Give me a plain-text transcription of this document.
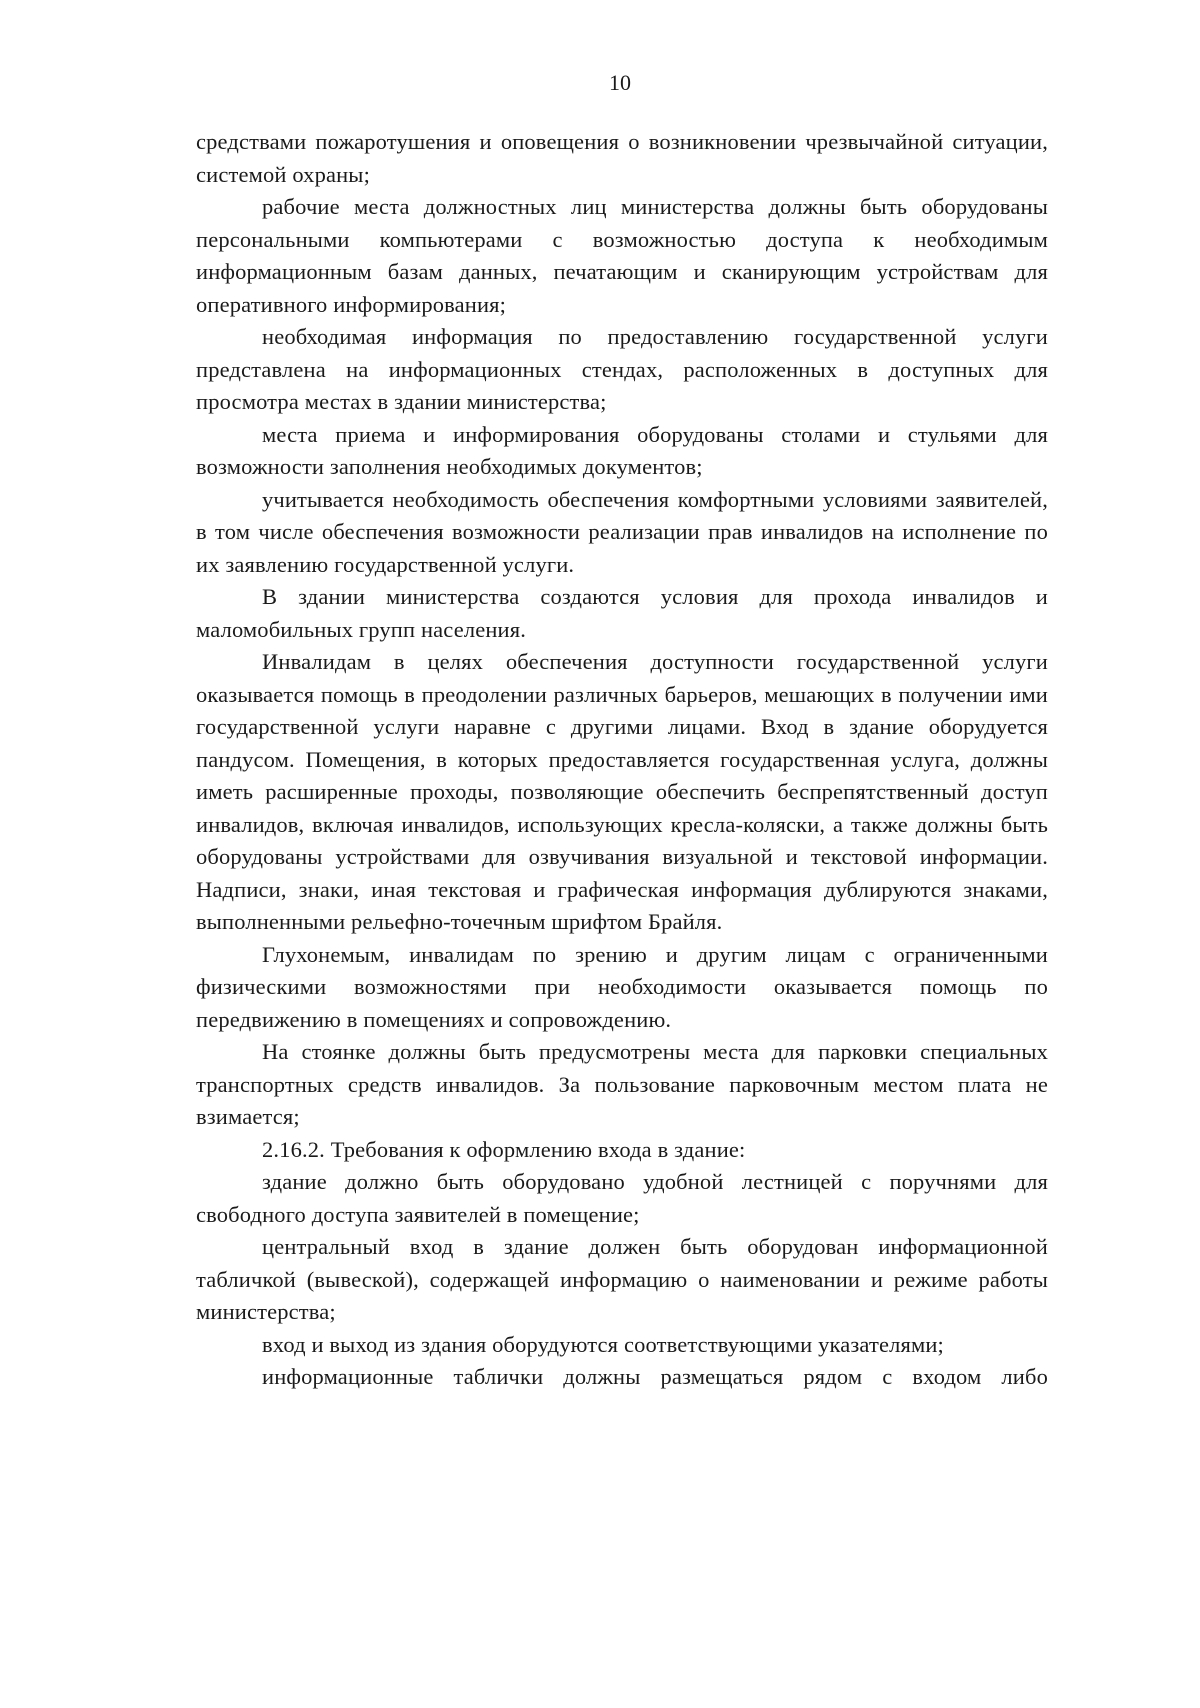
10

средствами пожаротушения и оповещения о возникновении чрезвычайной ситуации, системой охраны;

рабочие места должностных лиц министерства должны быть оборудованы персональными компьютерами с возможностью доступа к необходимым информационным базам данных, печатающим и сканирующим устройствам для оперативного информирования;

необходимая информация по предоставлению государственной услуги представлена на информационных стендах, расположенных в доступных для просмотра местах в здании министерства;

места приема и информирования оборудованы столами и стульями для возможности заполнения необходимых документов;

учитывается необходимость обеспечения комфортными условиями заявителей, в том числе обеспечения возможности реализации прав инвалидов на исполнение по их заявлению государственной услуги.

В здании министерства создаются условия для прохода инвалидов и маломобильных групп населения.

Инвалидам в целях обеспечения доступности государственной услуги оказывается помощь в преодолении различных барьеров, мешающих в получении ими государственной услуги наравне с другими лицами. Вход в здание оборудуется пандусом. Помещения, в которых предоставляется государственная услуга, должны иметь расширенные проходы, позволяющие обеспечить беспрепятственный доступ инвалидов, включая инвалидов, использующих кресла-коляски, а также должны быть оборудованы устройствами для озвучивания визуальной и текстовой информации. Надписи, знаки, иная текстовая и графическая информация дублируются знаками, выполненными рельефно-точечным шрифтом Брайля.

Глухонемым, инвалидам по зрению и другим лицам с ограниченными физическими возможностями при необходимости оказывается помощь по передвижению в помещениях и сопровождению.

На стоянке должны быть предусмотрены места для парковки специальных транспортных средств инвалидов. За пользование парковочным местом плата не взимается;

2.16.2. Требования к оформлению входа в здание:

здание должно быть оборудовано удобной лестницей с поручнями для свободного доступа заявителей в помещение;

центральный вход в здание должен быть оборудован информационной табличкой (вывеской), содержащей информацию о наименовании и режиме работы министерства;

вход и выход из здания оборудуются соответствующими указателями;

информационные таблички должны размещаться рядом с входом либо
